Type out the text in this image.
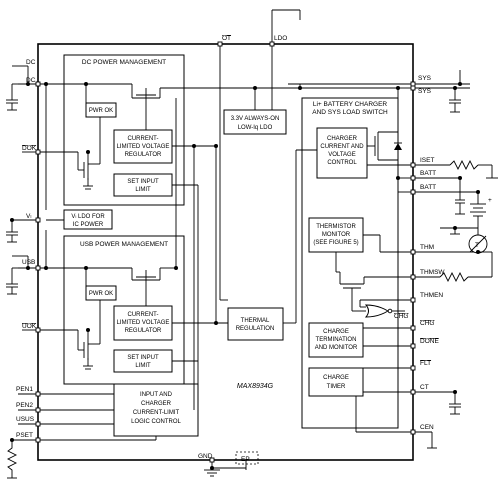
DC POWER MANAGEMENT
PWR OK
CURRENT-
LIMITED VOLTAGE
REGULATOR
SET INPUT
LIMIT
USB POWER MANAGEMENT
PWR OK
CURRENT-
LIMITED VOLTAGE
REGULATOR
SET INPUT
LIMIT
Vₗ LDO FOR
IC POWER
3.3V ALWAYS-ON
LOW-Iq LDO
THERMAL
REGULATION
Li+ BATTERY CHARGER
AND SYS LOAD SWITCH
CHARGER
CURRENT AND
VOLTAGE
CONTROL
THERMISTOR
MONITOR
(SEE FIGURE 5)
CHARGE
TERMINATION
AND MONITOR
CHARGE
TIMER
INPUT AND
CHARGER
CURRENT-LIMIT
LOGIC CONTROL
MAX8934G
DC
DC
DOK
Vₗ
USB
UOK
PEN1
PEN2
USUS
PSET
GND	EP
OT	LDO
SYS
SYS
ISET
BATT
BATT
THM
THMSW
THMEN
CHG
CHG
DONE
FLT
CT
CEN
+
T
